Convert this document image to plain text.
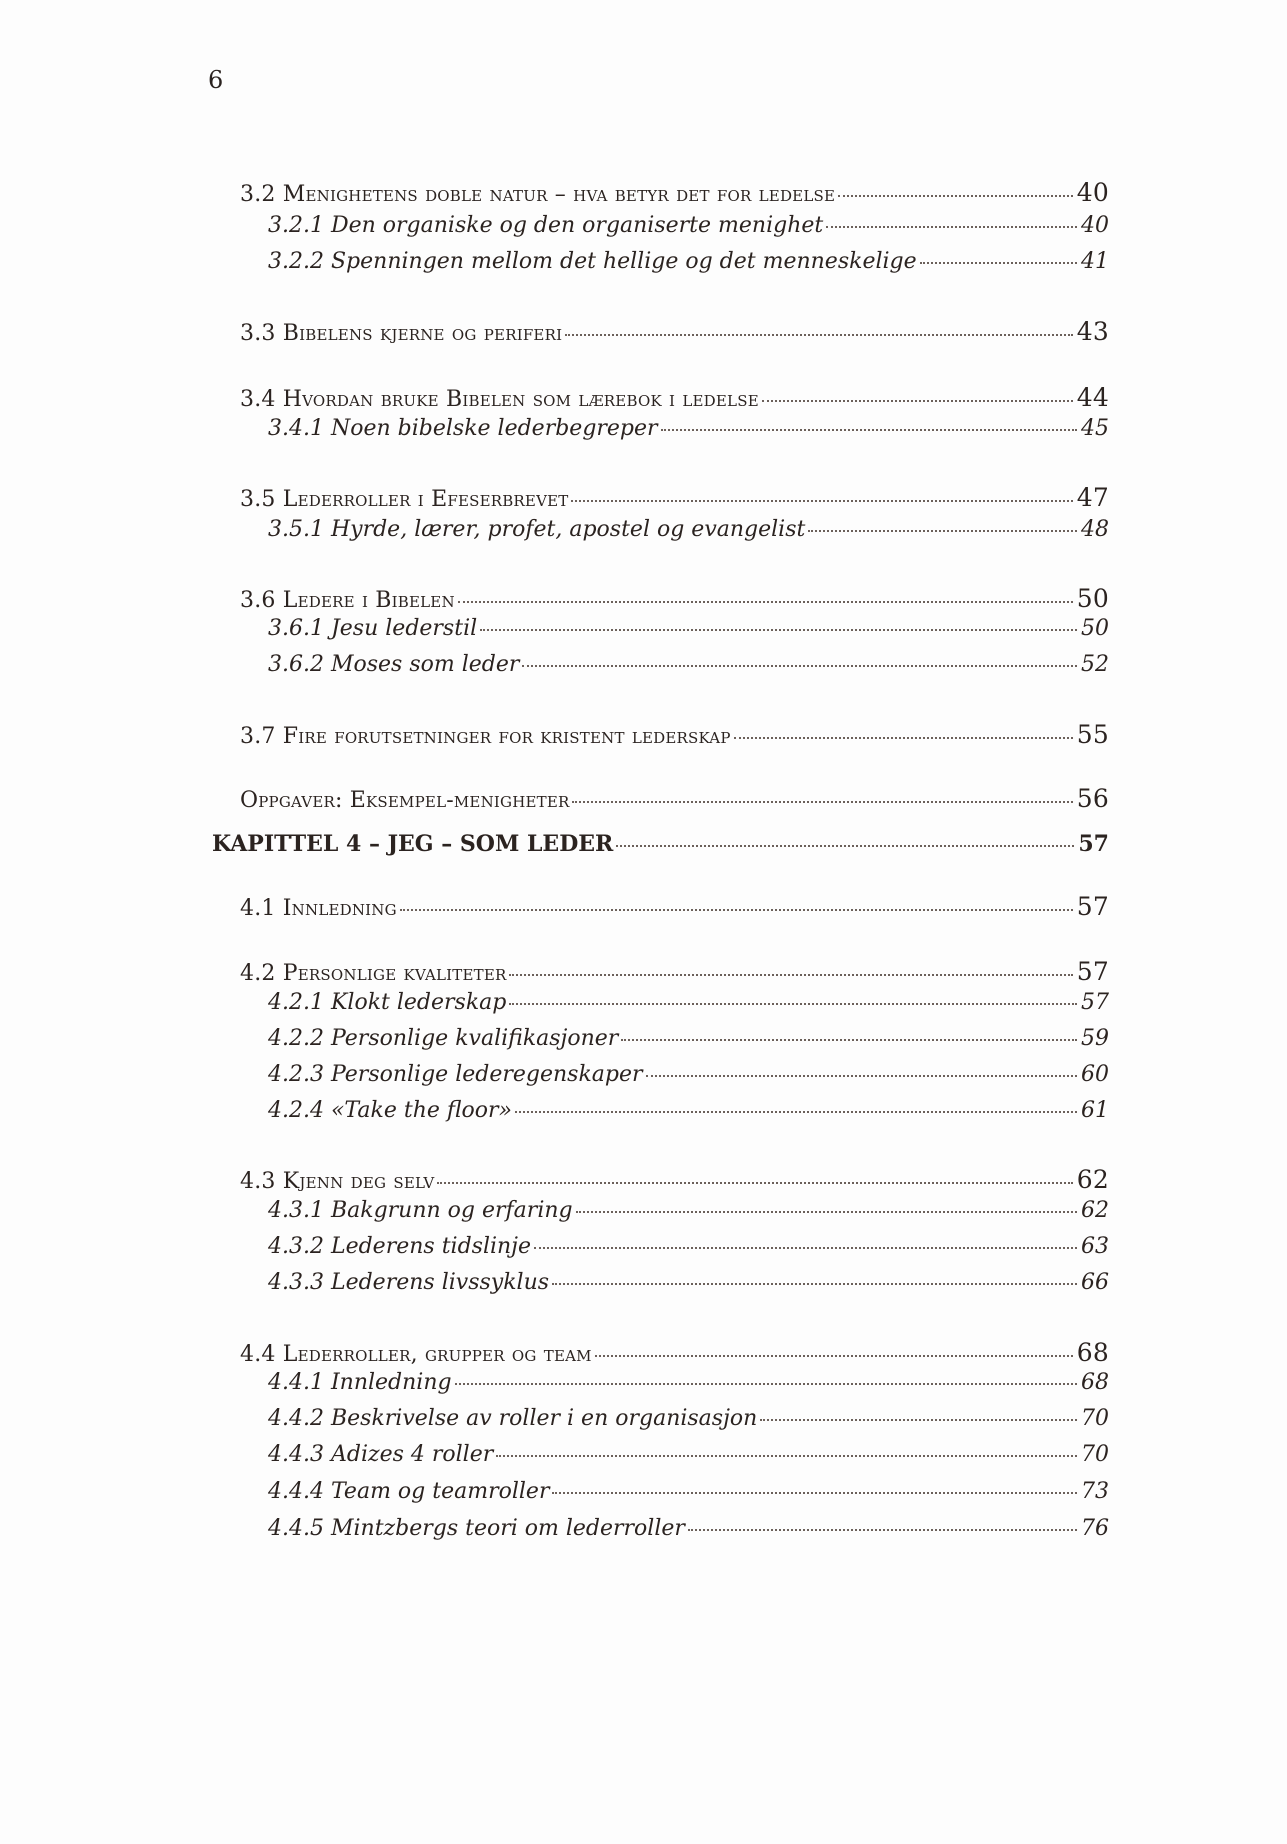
6
3.2 Menighetens doble natur – hva betyr det for ledelse	40
3.2.1 Den organiske og den organiserte menighet	40
3.2.2 Spenningen mellom det hellige og det menneskelige	41
3.3 Bibelens kjerne og periferi	43
3.4 Hvordan bruke Bibelen som lærebok i ledelse	44
3.4.1 Noen bibelske lederbegreper	45
3.5 Lederroller i Efeserbrevet	47
3.5.1 Hyrde, lærer, profet, apostel og evangelist	48
3.6 Ledere i Bibelen	50
3.6.1 Jesu lederstil	50
3.6.2 Moses som leder	52
3.7 Fire forutsetninger for kristent lederskap	55
Oppgaver: Eksempel-menigheter	56
KAPITTEL 4 – JEG – SOM LEDER	57
4.1 Innledning	57
4.2 Personlige kvaliteter	57
4.2.1 Klokt lederskap	57
4.2.2 Personlige kvalifikasjoner	59
4.2.3 Personlige lederegenskaper	60
4.2.4 «Take the floor»	61
4.3 Kjenn deg selv	62
4.3.1 Bakgrunn og erfaring	62
4.3.2 Lederens tidslinje	63
4.3.3 Lederens livssyklus	66
4.4 Lederroller, grupper og team	68
4.4.1 Innledning	68
4.4.2 Beskrivelse av roller i en organisasjon	70
4.4.3 Adizes 4 roller	70
4.4.4 Team og teamroller	73
4.4.5 Mintzbergs teori om lederroller	76
